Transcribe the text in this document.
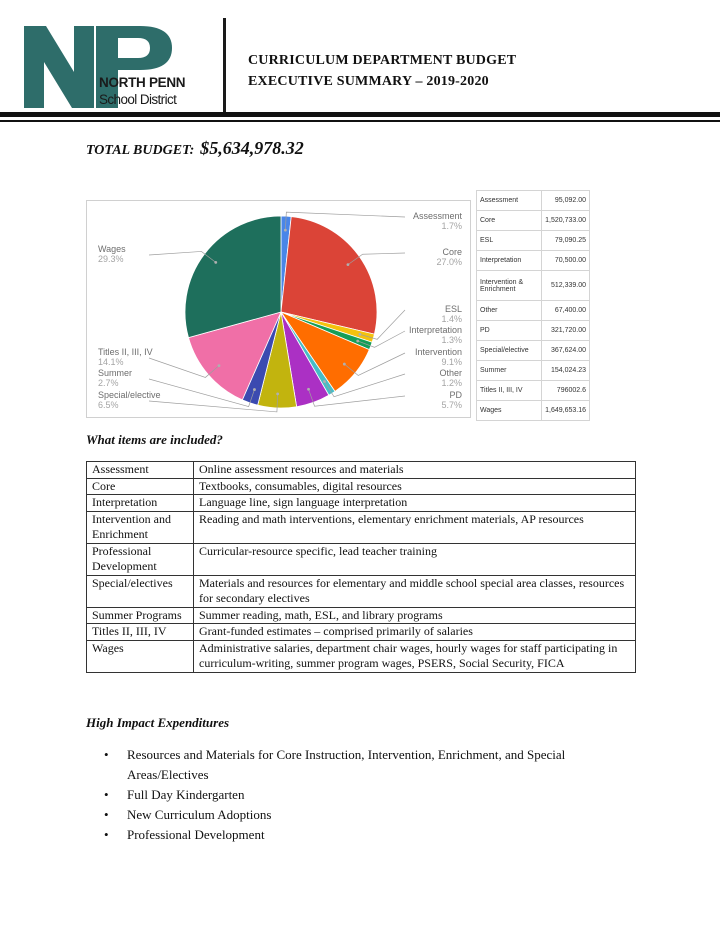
NORTH PENN
School District
CURRICULUM DEPARTMENT BUDGET
EXECUTIVE SUMMARY – 2019-2020
TOTAL BUDGET: $5,634,978.32
Assessment
1.7%
Core
27.0%
ESL
1.4%
Interpretation
1.3%
Intervention
9.1%
Other
1.2%
PD
5.7%
Wages
29.3%
Titles II, III, IV
14.1%
Summer
2.7%
Special/elective
6.5%
Assessment	95,092.00
Core	1,520,733.00
ESL	79,090.25
Interpretation	70,500.00
Intervention & Enrichment	512,339.00
Other	67,400.00
PD	321,720.00
Special/elective	367,624.00
Summer	154,024.23
Titles II, III, IV	796002.6
Wages	1,649,653.16
What items are included?
Assessment	Online assessment resources and materials
Core	Textbooks, consumables, digital resources
Interpretation	Language line, sign language interpretation
Intervention and Enrichment	Reading and math interventions, elementary enrichment materials, AP resources
Professional Development	Curricular-resource specific, lead teacher training
Special/electives	Materials and resources for elementary and middle school special area classes, resources for secondary electives
Summer Programs	Summer reading, math, ESL, and library programs
Titles II, III, IV	Grant-funded estimates – comprised primarily of salaries
Wages	Administrative salaries, department chair wages, hourly wages for staff participating in curriculum-writing, summer program wages, PSERS, Social Security, FICA
High Impact Expenditures
• Resources and Materials for Core Instruction, Intervention, Enrichment, and Special Areas/Electives
• Full Day Kindergarten
• New Curriculum Adoptions
• Professional Development
